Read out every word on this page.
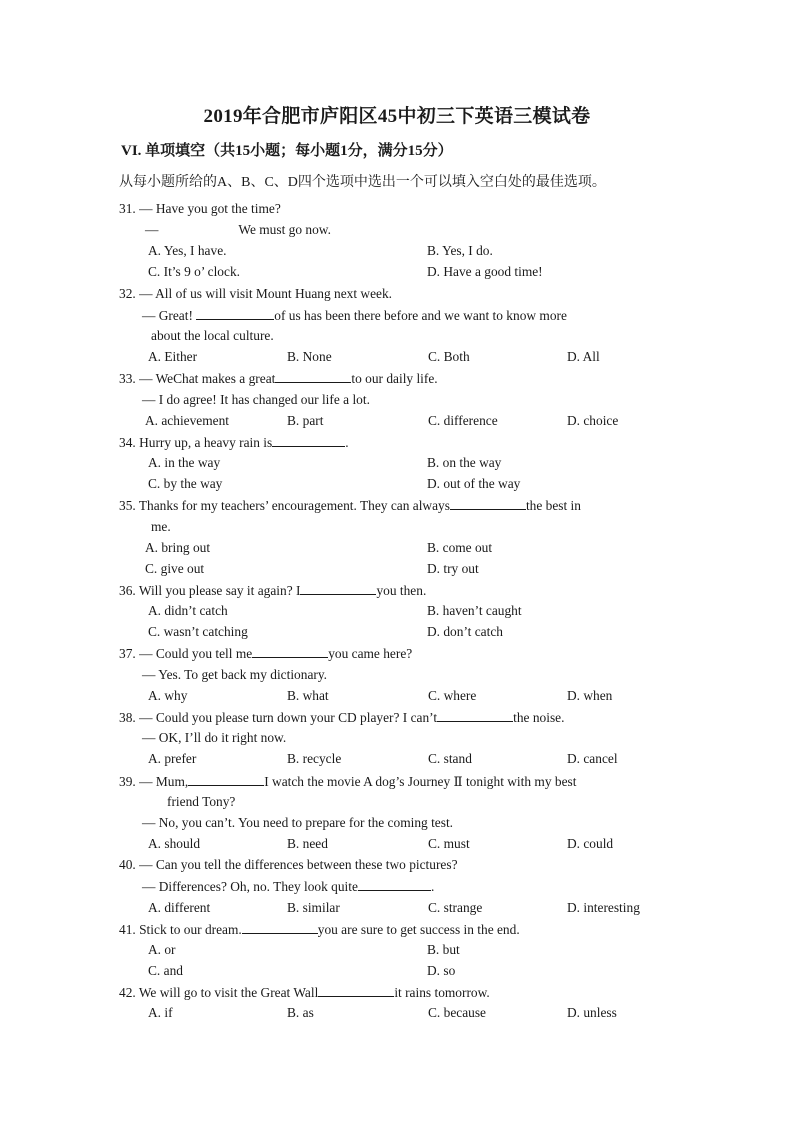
2019年合肥市庐阳区45中初三下英语三模试卷
VI. 单项填空（共15小题；每小题1分，满分15分）
从每小题所给的A、B、C、D四个选项中选出一个可以填入空白处的最佳选项。
31. — Have you got the time?
—	We must go now.
A. Yes, I have.	B. Yes, I do.
C. It’s 9 o’ clock.	D. Have a good time!
32. — All of us will visit Mount Huang next week.
— Great!	of us has been there before and we want to know more
about the local culture.
A. Either	B. None	C. Both	D. All
33. — WeChat makes a great	to our daily life.
— I do agree! It has changed our life a lot.
A. achievement	B. part	C. difference	D. choice
34. Hurry up, a heavy rain is	.
A. in the way	B. on the way
C. by the way	D. out of the way
35. Thanks for my teachers’ encouragement. They can always	the best in
me.
A. bring out	B. come out
C. give out	D. try out
36. Will you please say it again? I	you then.
A. didn’t catch	B. haven’t caught
C. wasn’t catching	D. don’t catch
37. — Could you tell me	you came here?
— Yes. To get back my dictionary.
A. why	B. what	C. where	D. when
38. — Could you please turn down your CD player? I can’t	the noise.
— OK, I’ll do it right now.
A. prefer	B. recycle	C. stand	D. cancel
39. — Mum,	I watch the movie A dog’s Journey Ⅱ tonight with my best
friend Tony?
— No, you can’t. You need to prepare for the coming test.
A. should	B. need	C. must	D. could
40. — Can you tell the differences between these two pictures?
— Differences? Oh, no. They look quite	.
A. different	B. similar	C. strange	D. interesting
41. Stick to our dream.	you are sure to get success in the end.
A. or	B. but
C. and	D. so
42. We will go to visit the Great Wall	it rains tomorrow.
A. if	B. as	C. because	D. unless
